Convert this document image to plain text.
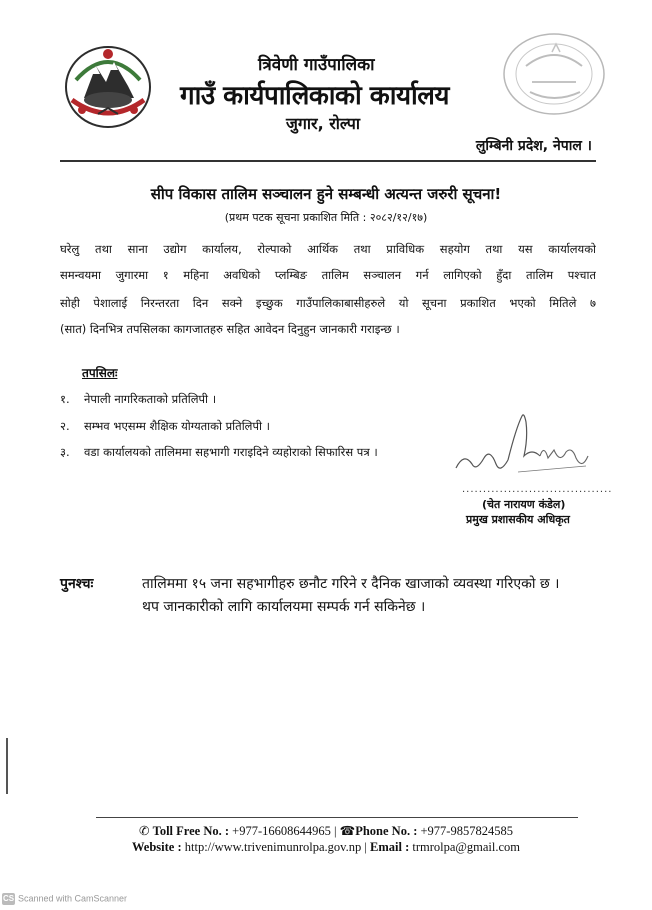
त्रिवेणी गाउँपालिका
गाउँ कार्यपालिकाको कार्यालय
जुगार, रोल्पा
लुम्बिनी प्रदेश, नेपाल ।
सीप विकास तालिम सञ्चालन हुने सम्बन्धी अत्यन्त जरुरी सूचना!
(प्रथम पटक सूचना प्रकाशित मिति : २०८२/१२/१७)
घरेलु तथा साना उद्योग कार्यालय, रोल्पाको आर्थिक तथा प्राविधिक सहयोग तथा यस कार्यालयको
समन्वयमा जुगारमा १ महिना अवधिको प्लम्बिङ तालिम सञ्चालन गर्न लागिएको हुँदा तालिम पश्चात
सोही पेशालाई निरन्तरता दिन सक्ने इच्छुक गाउँपालिकाबासीहरुले यो सूचना प्रकाशित भएको मितिले ७
(सात) दिनभित्र तपसिलका कागजातहरु सहित आवेदन दिनुहुन जानकारी गराइन्छ ।
तपसिलः
१. नेपाली नागरिकताको प्रतिलिपी ।
२. सम्भव भएसम्म शैक्षिक योग्यताको प्रतिलिपी ।
३. वडा कार्यालयको तालिममा सहभागी गराइदिने व्यहोराको सिफारिस पत्र ।
....................................
(चेत नारायण कंडेल)
प्रमुख प्रशासकीय अधिकृत
पुनश्चः	तालिममा १५ जना सहभागीहरु छनौट गरिने र दैनिक खाजाको व्यवस्था गरिएको छ ।
थप जानकारीको लागि कार्यालयमा सम्पर्क गर्न सकिनेछ ।
✆ Toll Free No. : +977-16608644965 | ☎Phone No. : +977-9857824585
Website : http://www.trivenimunrolpa.gov.np | Email : trmrolpa@gmail.com
CS Scanned with CamScanner
